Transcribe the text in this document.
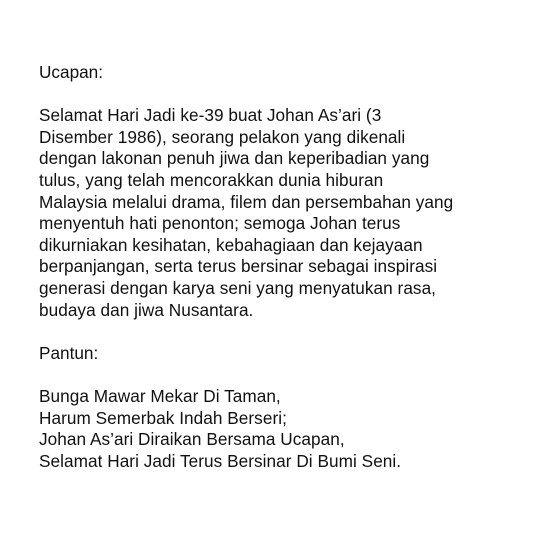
Ucapan:
Selamat Hari Jadi ke-39 buat Johan As’ari (3
Disember 1986), seorang pelakon yang dikenali
dengan lakonan penuh jiwa dan keperibadian yang
tulus, yang telah mencorakkan dunia hiburan
Malaysia melalui drama, filem dan persembahan yang
menyentuh hati penonton; semoga Johan terus
dikurniakan kesihatan, kebahagiaan dan kejayaan
berpanjangan, serta terus bersinar sebagai inspirasi
generasi dengan karya seni yang menyatukan rasa,
budaya dan jiwa Nusantara.
Pantun:
Bunga Mawar Mekar Di Taman,
Harum Semerbak Indah Berseri;
Johan As’ari Diraikan Bersama Ucapan,
Selamat Hari Jadi Terus Bersinar Di Bumi Seni.
